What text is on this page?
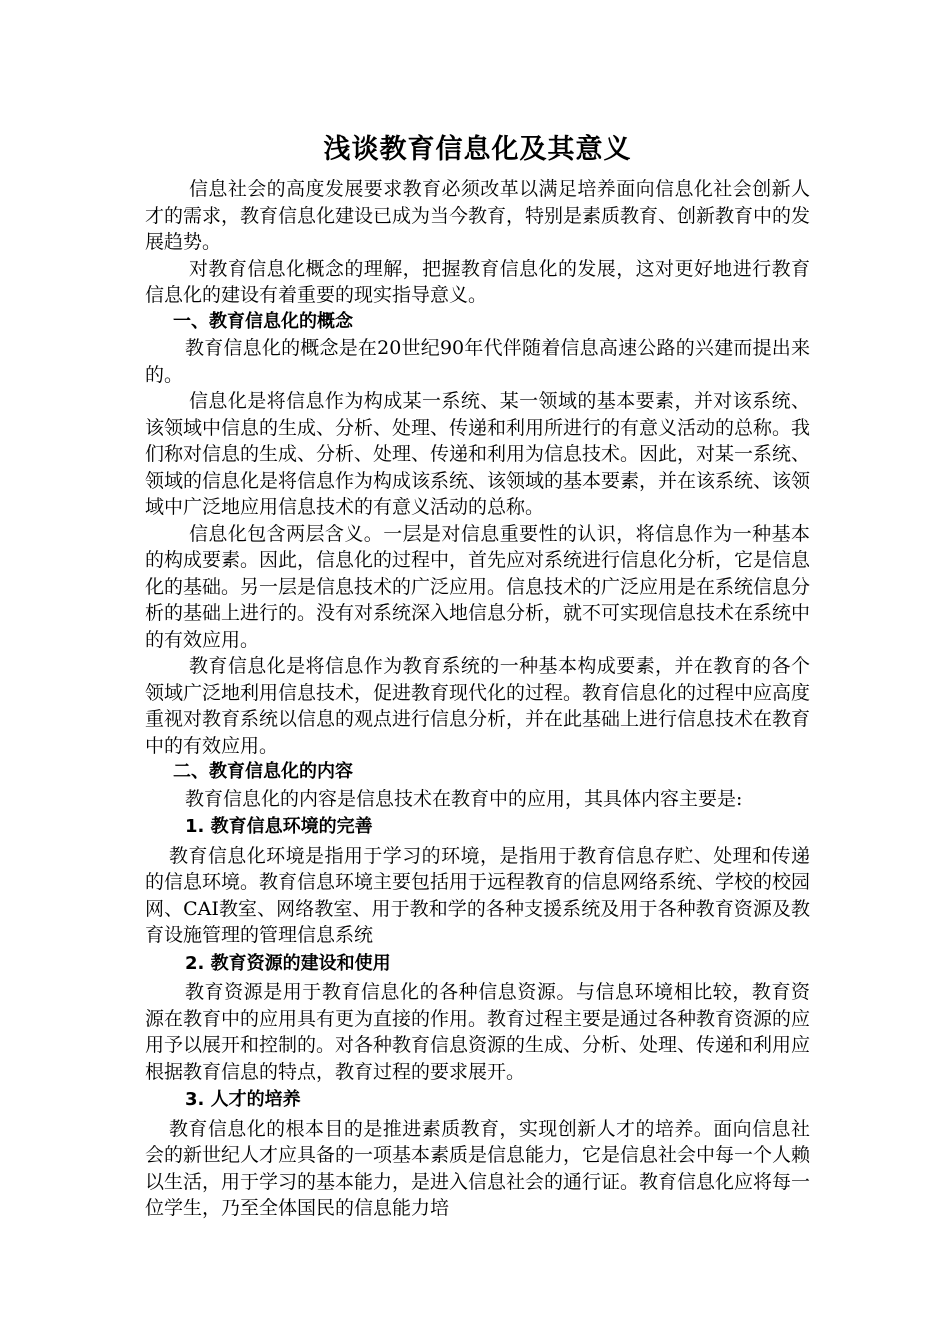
浅谈教育信息化及其意义

信息社会的高度发展要求教育必须改革以满足培养面向信息化社会创新人才的需求，教育信息化建设已成为当今教育，特别是素质教育、创新教育中的发展趋势。

对教育信息化概念的理解，把握教育信息化的发展，这对更好地进行教育信息化的建设有着重要的现实指导意义。

一、教育信息化的概念

教育信息化的概念是在20世纪90年代伴随着信息高速公路的兴建而提出来的。

信息化是将信息作为构成某一系统、某一领域的基本要素，并对该系统、该领域中信息的生成、分析、处理、传递和利用所进行的有意义活动的总称。我们称对信息的生成、分析、处理、传递和利用为信息技术。因此，对某一系统、领域的信息化是将信息作为构成该系统、该领域的基本要素，并在该系统、该领域中广泛地应用信息技术的有意义活动的总称。

信息化包含两层含义。一层是对信息重要性的认识，将信息作为一种基本的构成要素。因此，信息化的过程中，首先应对系统进行信息化分析，它是信息化的基础。另一层是信息技术的广泛应用。信息技术的广泛应用是在系统信息分析的基础上进行的。没有对系统深入地信息分析，就不可实现信息技术在系统中的有效应用。

教育信息化是将信息作为教育系统的一种基本构成要素，并在教育的各个领域广泛地利用信息技术，促进教育现代化的过程。教育信息化的过程中应高度重视对教育系统以信息的观点进行信息分析，并在此基础上进行信息技术在教育中的有效应用。

二、教育信息化的内容

教育信息化的内容是信息技术在教育中的应用，其具体内容主要是:

1. 教育信息环境的完善

教育信息化环境是指用于学习的环境，是指用于教育信息存贮、处理和传递的信息环境。教育信息环境主要包括用于远程教育的信息网络系统、学校的校园网、CAI教室、网络教室、用于教和学的各种支援系统及用于各种教育资源及教育设施管理的管理信息系统

2. 教育资源的建设和使用

教育资源是用于教育信息化的各种信息资源。与信息环境相比较，教育资源在教育中的应用具有更为直接的作用。教育过程主要是通过各种教育资源的应用予以展开和控制的。对各种教育信息资源的生成、分析、处理、传递和利用应根据教育信息的特点，教育过程的要求展开。

3. 人才的培养

教育信息化的根本目的是推进素质教育，实现创新人才的培养。面向信息社会的新世纪人才应具备的一项基本素质是信息能力，它是信息社会中每一个人赖以生活，用于学习的基本能力，是进入信息社会的通行证。教育信息化应将每一位学生，乃至全体国民的信息能力培
